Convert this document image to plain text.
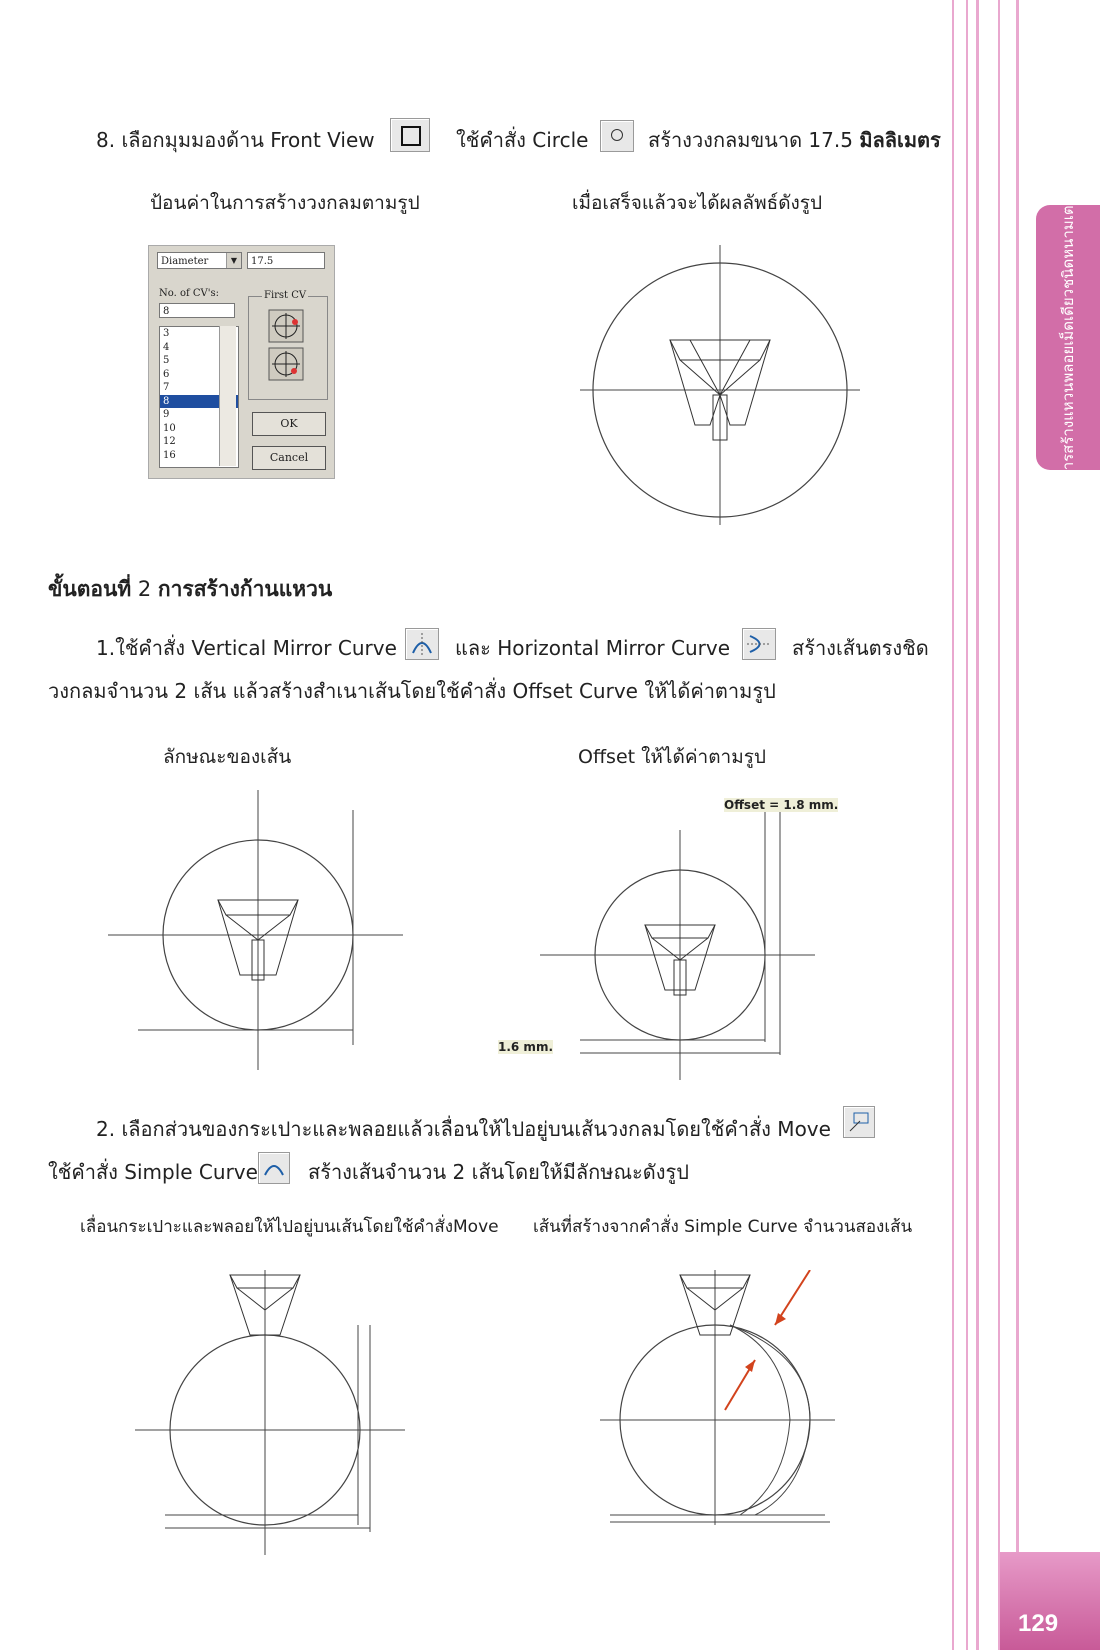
การสร้างแหวนพลอยเม็ดเดียวชนิดหนามเตย
129
8. เลือกมุมมองด้าน Front View	ใช้คำสั่ง Circle	สร้างวงกลมขนาด 17.5 มิลลิเมตร
ป้อนค่าในการสร้างวงกลมตามรูป	เมื่อเสร็จแล้วจะได้ผลลัพธ์ดังรูป
Diameter	▼	17.5
No. of CV's:
8
3
4
5
6
7
8
9
10
12
16
First CV
OK
Cancel
ขั้นตอนที่ 2 การสร้างก้านแหวน
1.ใช้คำสั่ง Vertical Mirror Curve	และ Horizontal Mirror Curve	สร้างเส้นตรงชิด
วงกลมจำนวน 2 เส้น แล้วสร้างสำเนาเส้นโดยใช้คำสั่ง Offset Curve ให้ได้ค่าตามรูป
ลักษณะของเส้น	Offset ให้ได้ค่าตามรูป
Offset = 1.8 mm.
1.6 mm.
2. เลือกส่วนของกระเปาะและพลอยแล้วเลื่อนให้ไปอยู่บนเส้นวงกลมโดยใช้คำสั่ง Move
ใช้คำสั่ง Simple Curve	สร้างเส้นจำนวน 2 เส้นโดยให้มีลักษณะดังรูป
เลื่อนกระเปาะและพลอยให้ไปอยู่บนเส้นโดยใช้คำสั่งMove เส้นที่สร้างจากคำสั่ง Simple Curve จำนวนสองเส้น
